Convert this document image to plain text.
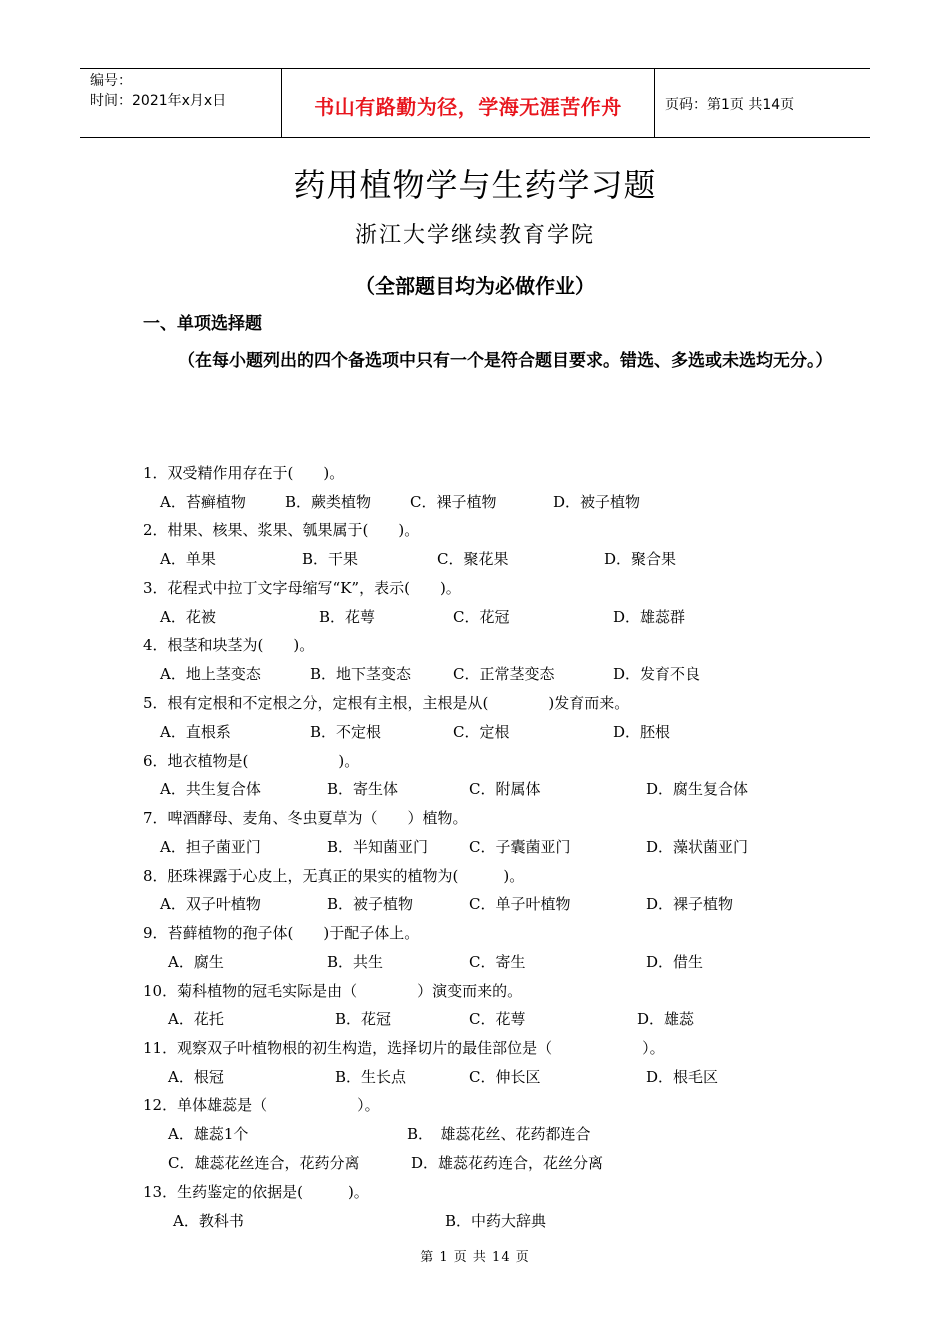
编号：
时间：2021年x月x日	书山有路勤为径，学海无涯苦作舟	页码：第1页 共14页
药用植物学与生药学习题
浙江大学继续教育学院
（全部题目均为必做作业）
一、单项选择题
（在每小题列出的四个备选项中只有一个是符合题目要求。错选、多选或未选均无分。）
1．双受精作用存在于(　　)。
A．苔癣植物	B．蕨类植物	C．裸子植物	D．被子植物
2．柑果、核果、浆果、瓠果属于(　　)。
A．单果	B．干果	C．聚花果	D．聚合果
3．花程式中拉丁文字母缩写“K”，表示(　　)。
A．花被	B．花萼	C．花冠	D．雄蕊群
4．根茎和块茎为(　　)。
A．地上茎变态	B．地下茎变态	C．正常茎变态	D．发育不良
5．根有定根和不定根之分，定根有主根，主根是从(　　　　)发育而来。
A．直根系	B．不定根	C．定根	D．胚根
6．地衣植物是(　　　　　　)。
A．共生复合体	B．寄生体	C．附属体	D．腐生复合体
7．啤酒酵母、麦角、冬虫夏草为（　　）植物。
A．担子菌亚门	B．半知菌亚门	C．子囊菌亚门	D．藻状菌亚门
8．胚珠裸露于心皮上，无真正的果实的植物为(　　　)。
A．双子叶植物	B．被子植物	C．单子叶植物	D．裸子植物
9．苔藓植物的孢子体(　　)于配子体上。
A．腐生	B．共生	C．寄生	D．借生
10．菊科植物的冠毛实际是由（　　　　）演变而来的。
A．花托	B．花冠	C．花萼	D．雄蕊
11．观察双子叶植物根的初生构造，选择切片的最佳部位是（　　　　　　）。
A．根冠	B．生长点	C．伸长区	D．根毛区
12．单体雄蕊是（　　　　　　）。
A．雄蕊1个	B．　雄蕊花丝、花药都连合
C．雄蕊花丝连合，花药分离	D．雄蕊花药连合，花丝分离
13．生药鉴定的依据是(　　　)。
A．教科书	B．中药大辞典
第 1 页 共 14 页
